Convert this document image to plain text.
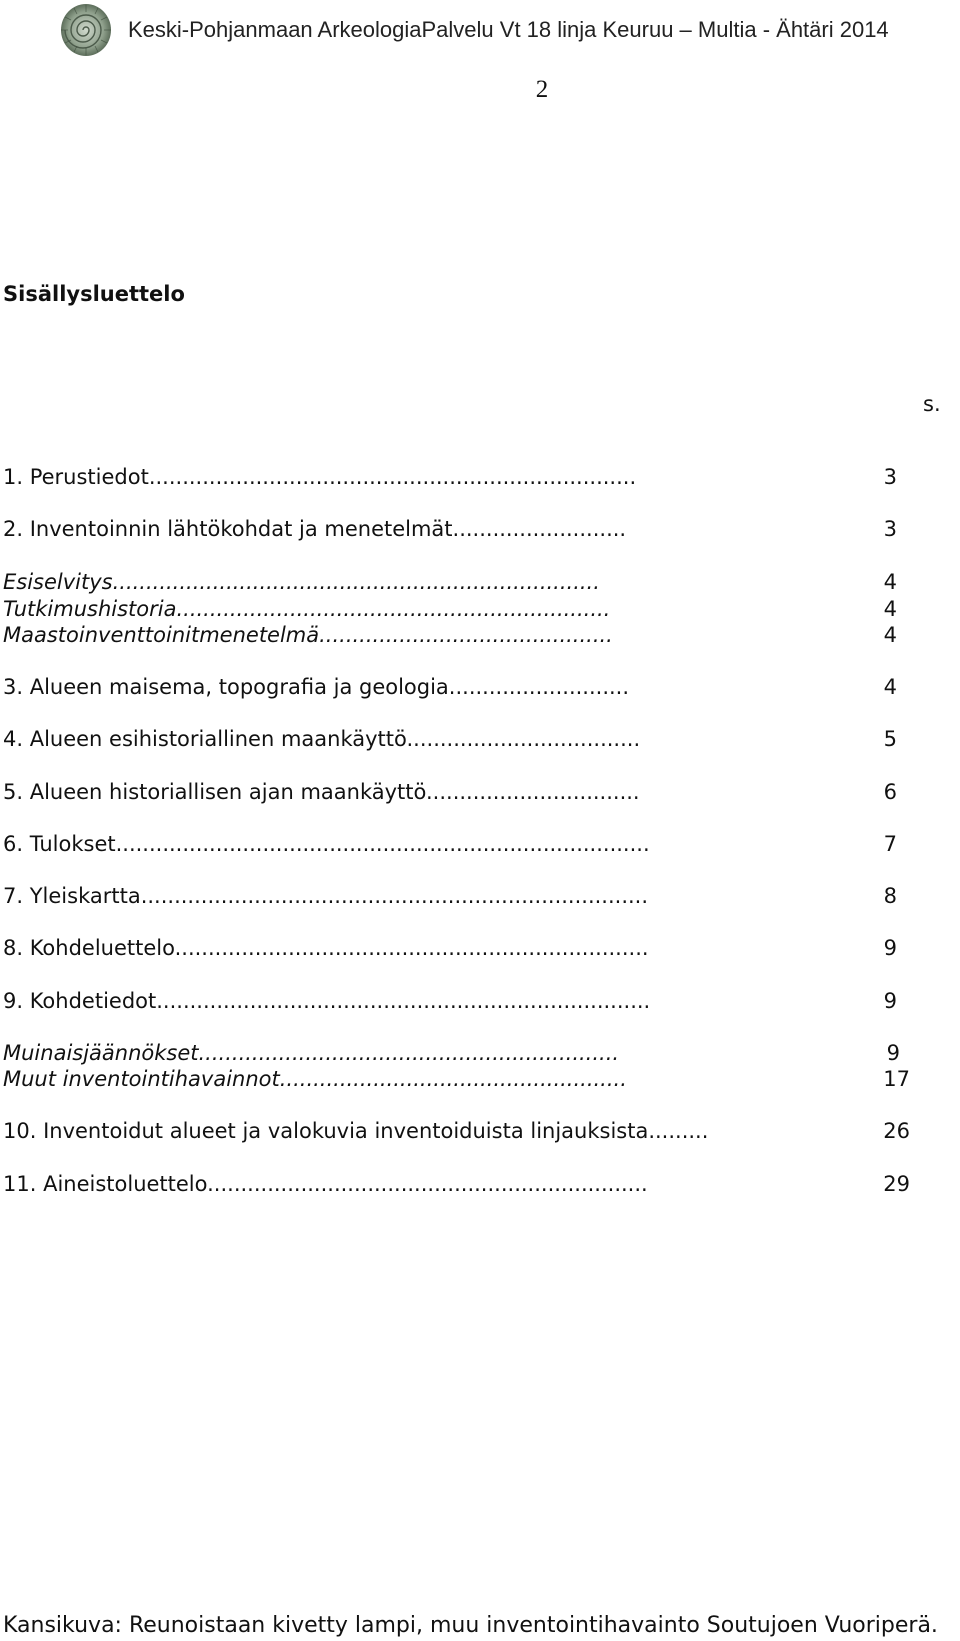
Keski-Pohjanmaan ArkeologiaPalvelu Vt 18 linja Keuruu – Multia - Ähtäri 2014
2
Sisällysluettelo
s.
1. Perustiedot.........................................................................	3
2. Inventoinnin lähtökohdat ja menetelmät..........................	3
Esiselvitys.........................................................................	4
Tutkimushistoria.................................................................	4
Maastoinventtoinitmenetelmä............................................	4
3. Alueen maisema, topografia ja geologia...........................	4
4. Alueen esihistoriallinen maankäyttö...................................	5
5. Alueen historiallisen ajan maankäyttö................................	6
6. Tulokset................................................................................	7
7. Yleiskartta............................................................................	8
8. Kohdeluettelo.......................................................................	9
9. Kohdetiedot..........................................................................	9
Muinaisjäännökset...............................................................	9
Muut inventointihavainnot....................................................	17
10. Inventoidut alueet ja valokuvia inventoiduista linjauksista.........	26
11. Aineistoluettelo..................................................................	29
Kansikuva: Reunoistaan kivetty lampi, muu inventointihavainto Soutujoen Vuoriperä.
